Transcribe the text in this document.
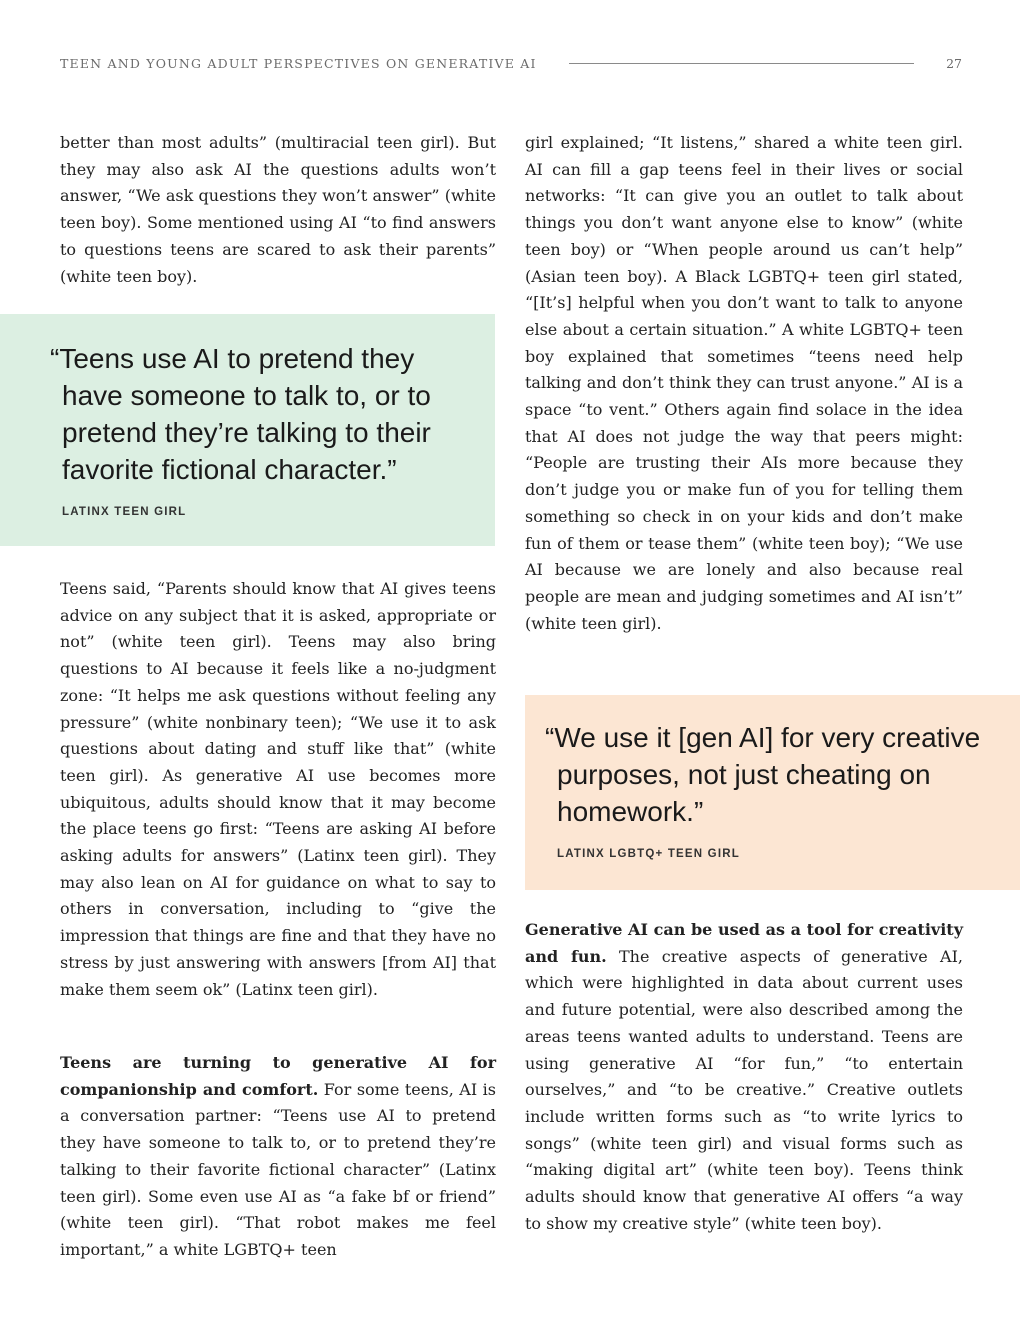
TEEN AND YOUNG ADULT PERSPECTIVES ON GENERATIVE AI	27

better than most adults” (multiracial teen girl). But they may also ask AI the questions adults won’t answer, “We ask questions they won’t answer” (white teen boy). Some mentioned using AI “to find answers to questions teens are scared to ask their parents” (white teen boy).

“Teens use AI to pretend they have someone to talk to, or to pretend they’re talking to their favorite fictional character.”

LATINX TEEN GIRL

Teens said, “Parents should know that AI gives teens advice on any subject that it is asked, appropriate or not” (white teen girl). Teens may also bring questions to AI because it feels like a no-judgment zone: “It helps me ask questions without feeling any pressure” (white nonbinary teen); “We use it to ask questions about dating and stuff like that” (white teen girl). As generative AI use becomes more ubiquitous, adults should know that it may become the place teens go first: “Teens are asking AI before asking adults for answers” (Latinx teen girl). They may also lean on AI for guidance on what to say to others in conversation, including to “give the impression that things are fine and that they have no stress by just answering with answers [from AI] that make them seem ok” (Latinx teen girl).

Teens are turning to generative AI for companionship and comfort. For some teens, AI is a conversation partner: “Teens use AI to pretend they have someone to talk to, or to pretend they’re talking to their favorite fictional character” (Latinx teen girl). Some even use AI as “a fake bf or friend” (white teen girl). “That robot makes me feel important,” a white LGBTQ+ teen

girl explained; “It listens,” shared a white teen girl. AI can fill a gap teens feel in their lives or social networks: “It can give you an outlet to talk about things you don’t want anyone else to know” (white teen boy) or “When people around us can’t help” (Asian teen boy). A Black LGBTQ+ teen girl stated, “[It’s] helpful when you don’t want to talk to anyone else about a certain situation.” A white LGBTQ+ teen boy explained that sometimes “teens need help talking and don’t think they can trust anyone.” AI is a space “to vent.” Others again find solace in the idea that AI does not judge the way that peers might: “People are trusting their AIs more because they don’t judge you or make fun of you for telling them something so check in on your kids and don’t make fun of them or tease them” (white teen boy); “We use AI because we are lonely and also because real people are mean and judging sometimes and AI isn’t” (white teen girl).

“We use it [gen AI] for very creative purposes, not just cheating on homework.”

LATINX LGBTQ+ TEEN GIRL

Generative AI can be used as a tool for creativity and fun. The creative aspects of generative AI, which were highlighted in data about current uses and future potential, were also described among the areas teens wanted adults to understand. Teens are using generative AI “for fun,” “to entertain ourselves,” and “to be creative.” Creative outlets include written forms such as “to write lyrics to songs” (white teen girl) and visual forms such as “making digital art” (white teen boy). Teens think adults should know that generative AI offers “a way to show my creative style” (white teen boy).
